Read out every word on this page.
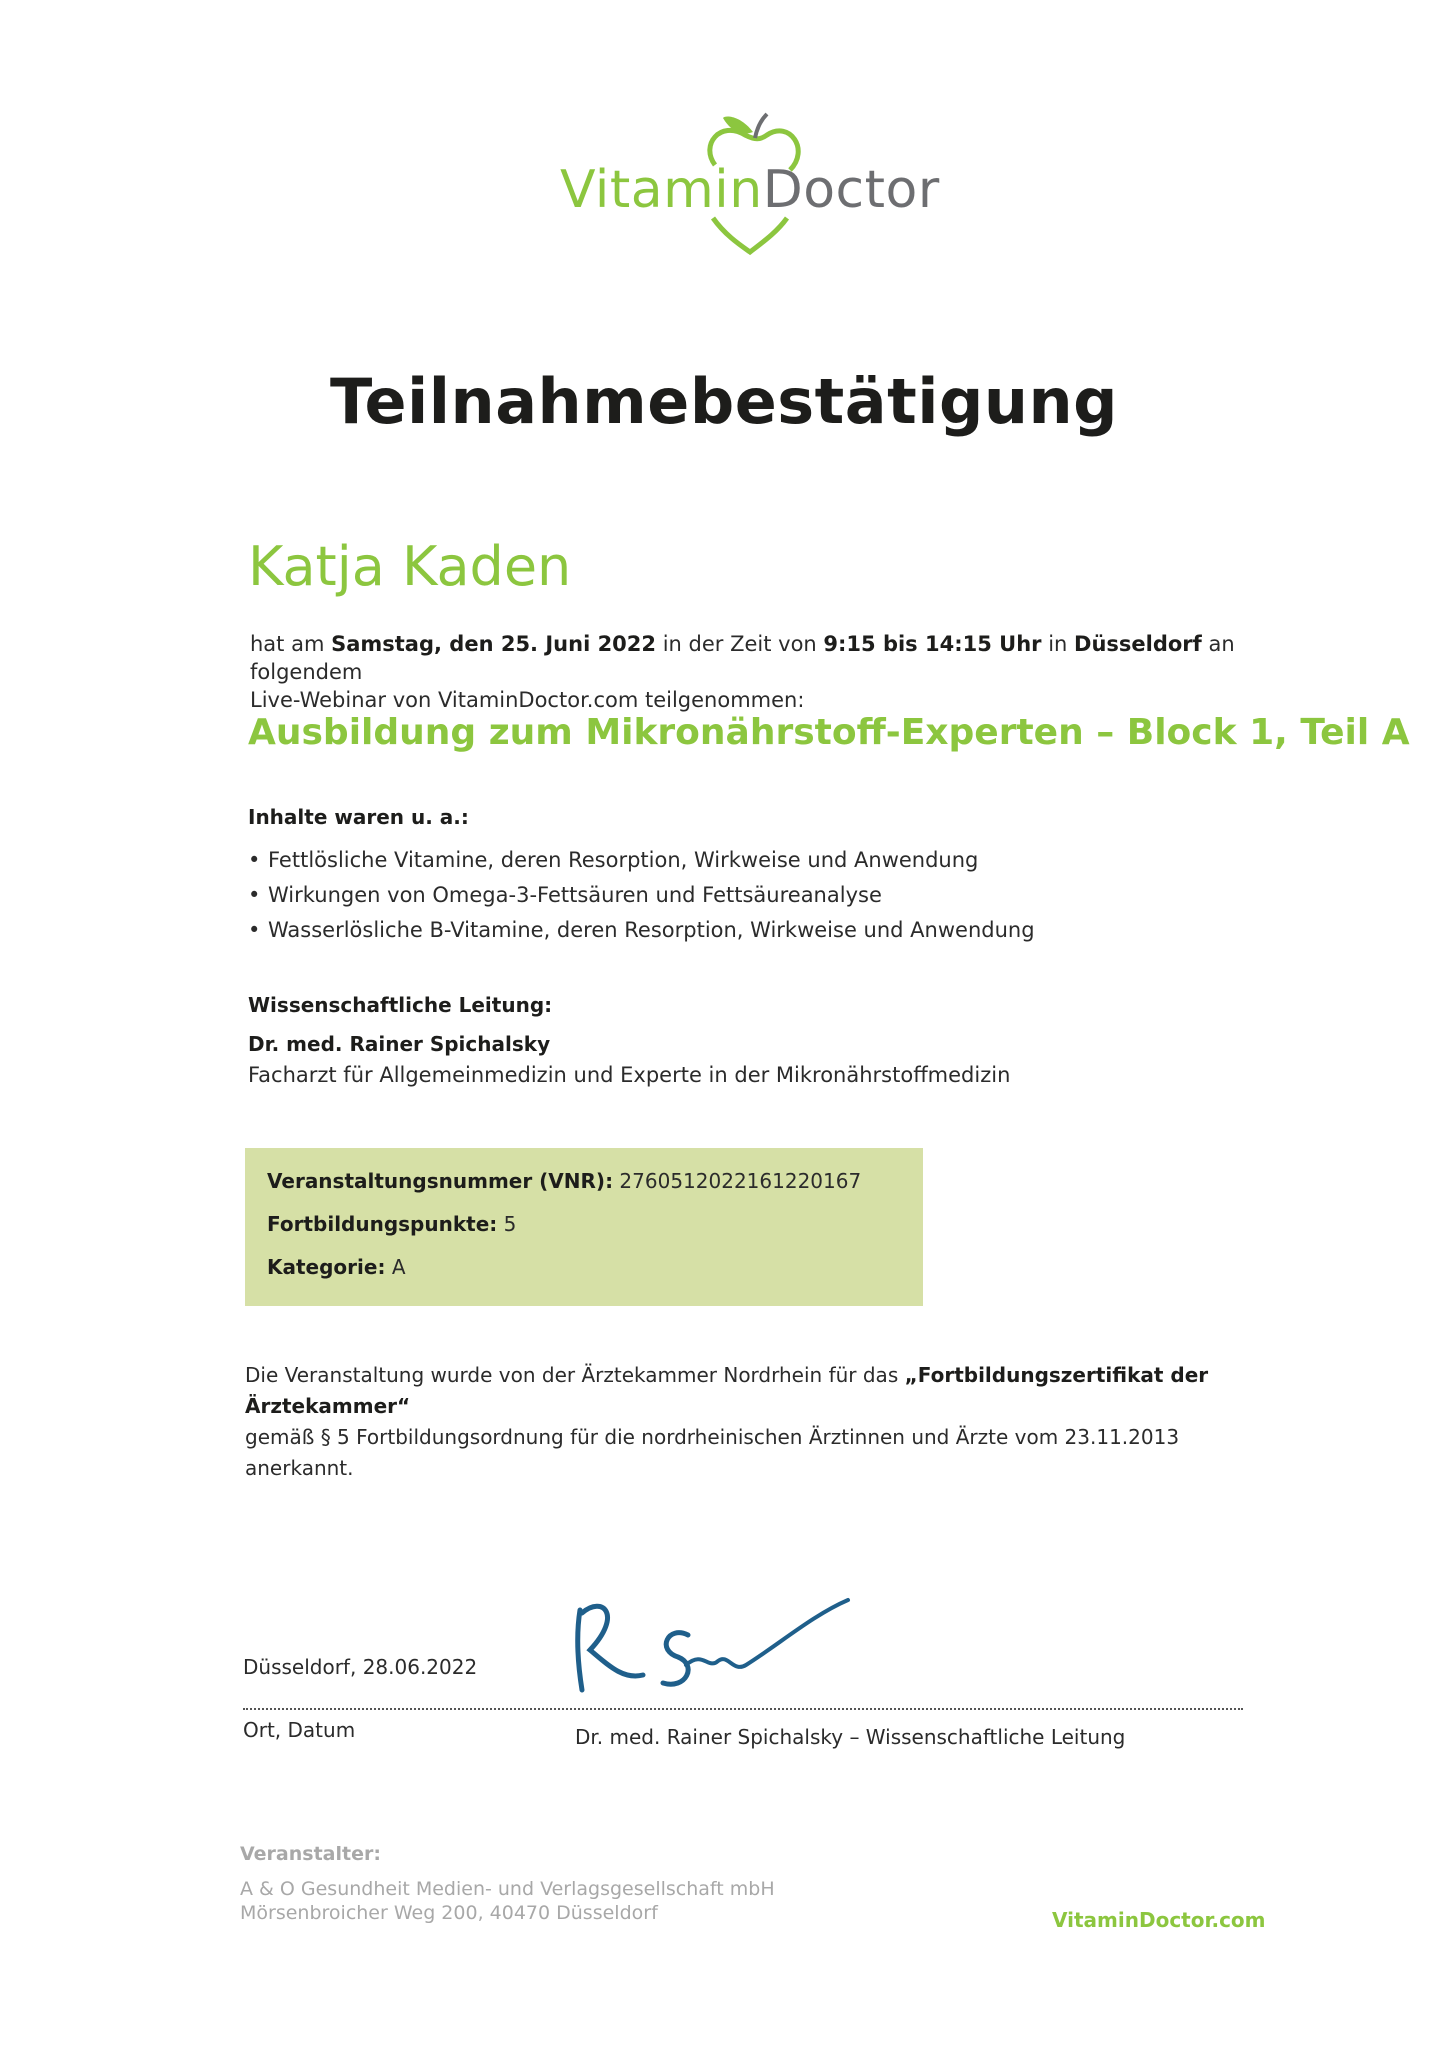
VitaminDoctor
Teilnahmebestätigung
Katja Kaden
hat am Samstag, den 25. Juni 2022 in der Zeit von 9:15 bis 14:15 Uhr in Düsseldorf an folgendem
Live-Webinar von VitaminDoctor.com teilgenommen:
Ausbildung zum Mikronährstoff-Experten – Block 1, Teil A
Inhalte waren u. a.:
• Fettlösliche Vitamine, deren Resorption, Wirkweise und Anwendung
• Wirkungen von Omega-3-Fettsäuren und Fettsäureanalyse
• Wasserlösliche B-Vitamine, deren Resorption, Wirkweise und Anwendung
Wissenschaftliche Leitung:
Dr. med. Rainer Spichalsky
Facharzt für Allgemeinmedizin und Experte in der Mikronährstoffmedizin
Veranstaltungsnummer (VNR): 2760512022161220167
Fortbildungspunkte: 5
Kategorie: A
Die Veranstaltung wurde von der Ärztekammer Nordrhein für das „Fortbildungszertifikat der Ärztekammer“
gemäß § 5 Fortbildungsordnung für die nordrheinischen Ärztinnen und Ärzte vom 23.11.2013 anerkannt.
Düsseldorf, 28.06.2022
Ort, Datum	Dr. med. Rainer Spichalsky – Wissenschaftliche Leitung
Veranstalter:
A & O Gesundheit Medien- und Verlagsgesellschaft mbH
Mörsenbroicher Weg 200, 40470 Düsseldorf	VitaminDoctor.com
